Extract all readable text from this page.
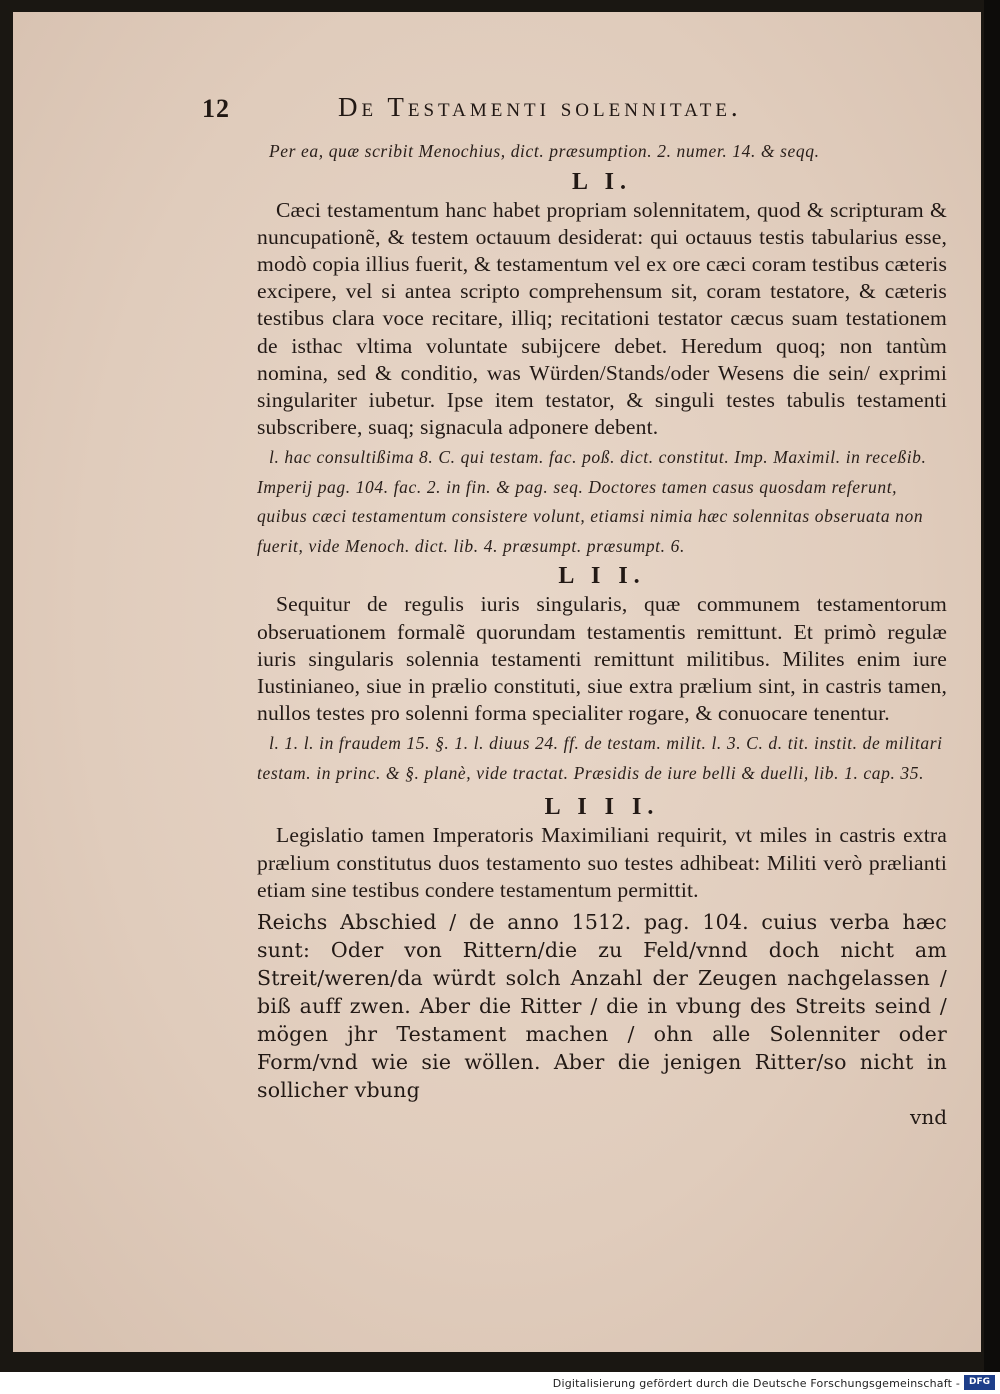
12	De Testamenti solennitate.

Per ea, quæ scribit Menochius, dict. præsumption. 2. numer. 14. & seqq.

L I.

Cæci testamentum hanc habet propriam solennitatem, quod & scripturam & nuncupationẽ, & testem octauum desiderat: qui octauus testis tabularius esse, modò copia illius fuerit, & testamentum vel ex ore cæci coram testibus cæteris excipere, vel si antea scripto comprehensum sit, coram testatore, & cæteris testibus clara voce recitare, illiq; recitationi testator cæcus suam testationem de isthac vltima voluntate subijcere debet. Heredum quoq; non tantùm nomina, sed & conditio, was Würden/Stands/oder Wesens die sein/ exprimi singulariter iubetur. Ipse item testator, & singuli testes tabulis testamenti subscribere, suaq; signacula adponere debent.

l. hac consultißima 8. C. qui testam. fac. poß. dict. constitut. Imp. Maximil. in receßib. Imperij pag. 104. fac. 2. in fin. & pag. seq. Doctores tamen casus quosdam referunt, quibus cæci testamentum consistere volunt, etiamsi nimia hæc solennitas obseruata non fuerit, vide Menoch. dict. lib. 4. præsumpt. præsumpt. 6.

L I I.

Sequitur de regulis iuris singularis, quæ communem testamentorum obseruationem formalẽ quorundam testamentis remittunt. Et primò regulæ iuris singularis solennia testamenti remittunt militibus. Milites enim iure Iustinianeo, siue in prælio constituti, siue extra prælium sint, in castris tamen, nullos testes pro solenni forma specialiter rogare, & conuocare tenentur.

l. 1. l. in fraudem 15. §. 1. l. diuus 24. ff. de testam. milit. l. 3. C. d. tit. instit. de militari testam. in princ. & §. planè, vide tractat. Præsidis de iure belli & duelli, lib. 1. cap. 35.

L I I I.

Legislatio tamen Imperatoris Maximiliani requirit, vt miles in castris extra prælium constitutus duos testamento suo testes adhibeat: Militi verò prælianti etiam sine testibus condere testamentum permittit.

Reichs Abschied / de anno 1512. pag. 104. cuius verba hæc sunt: Oder von Rittern/die zu Feld/vnnd doch nicht am Streit/weren/da würdt solch Anzahl der Zeugen nachgelassen / biß auff zwen. Aber die Ritter / die in vbung des Streits seind / mögen jhr Testament machen / ohn alle Solenniter oder Form/vnd wie sie wöllen. Aber die jenigen Ritter/so nicht in sollicher vbung

vnd

Digitalisierung gefördert durch die Deutsche Forschungsgemeinschaft - DFG
